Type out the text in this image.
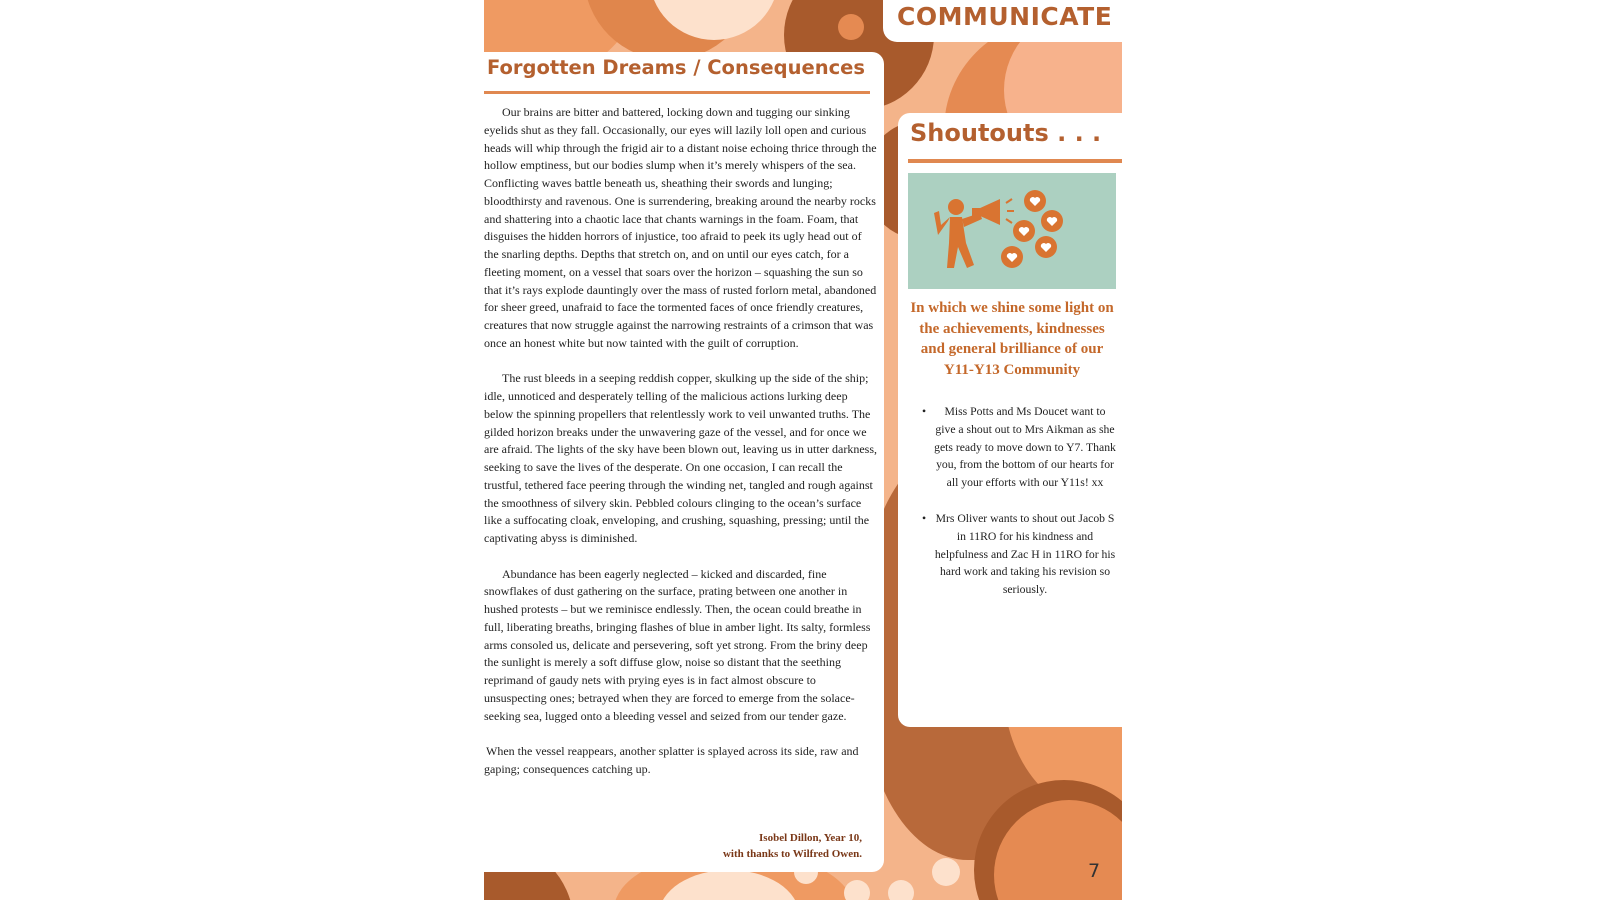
COMMUNICATE
Forgotten Dreams / Consequences

Our brains are bitter and battered, locking down and tugging our sinking eyelids shut as they fall. Occasionally, our eyes will lazily loll open and curious heads will whip through the frigid air to a distant noise echoing thrice through the hollow emptiness, but our bodies slump when it’s merely whispers of the sea. Conflicting waves battle beneath us, sheathing their swords and lunging; bloodthirsty and ravenous. One is surrendering, breaking around the nearby rocks and shattering into a chaotic lace that chants warnings in the foam. Foam, that disguises the hidden horrors of injustice, too afraid to peek its ugly head out of the snarling depths. Depths that stretch on, and on until our eyes catch, for a fleeting moment, on a vessel that soars over the horizon – squashing the sun so that it’s rays explode dauntingly over the mass of rusted forlorn metal, abandoned for sheer greed, unafraid to face the tormented faces of once friendly creatures, creatures that now struggle against the narrowing restraints of a crimson that was once an honest white but now tainted with the guilt of corruption.

The rust bleeds in a seeping reddish copper, skulking up the side of the ship; idle, unnoticed and desperately telling of the malicious actions lurking deep below the spinning propellers that relentlessly work to veil unwanted truths. The gilded horizon breaks under the unwavering gaze of the vessel, and for once we are afraid. The lights of the sky have been blown out, leaving us in utter darkness, seeking to save the lives of the desperate. On one occasion, I can recall the trustful, tethered face peering through the winding net, tangled and rough against the smoothness of silvery skin. Pebbled colours clinging to the ocean’s surface like a suffocating cloak, enveloping, and crushing, squashing, pressing; until the captivating abyss is diminished.

Abundance has been eagerly neglected – kicked and discarded, fine snowflakes of dust gathering on the surface, prating between one another in hushed protests – but we reminisce endlessly. Then, the ocean could breathe in full, liberating breaths, bringing flashes of blue in amber light. Its salty, formless arms consoled us, delicate and persevering, soft yet strong. From the briny deep the sunlight is merely a soft diffuse glow, noise so distant that the seething reprimand of gaudy nets with prying eyes is in fact almost obscure to unsuspecting ones; betrayed when they are forced to emerge from the solace-seeking sea, lugged onto a bleeding vessel and seized from our tender gaze.

When the vessel reappears, another splatter is splayed across its side, raw and gaping; consequences catching up.

Isobel Dillon, Year 10,
with thanks to Wilfred Owen.
Shoutouts . . .

In which we shine some light on the achievements, kindnesses and general brilliance of our Y11-Y13 Community

• Miss Potts and Ms Doucet want to give a shout out to Mrs Aikman as she gets ready to move down to Y7. Thank you, from the bottom of our hearts for all your efforts with our Y11s! xx
• Mrs Oliver wants to shout out Jacob S in 11RO for his kindness and helpfulness and Zac H in 11RO for his hard work and taking his revision so seriously.
7
